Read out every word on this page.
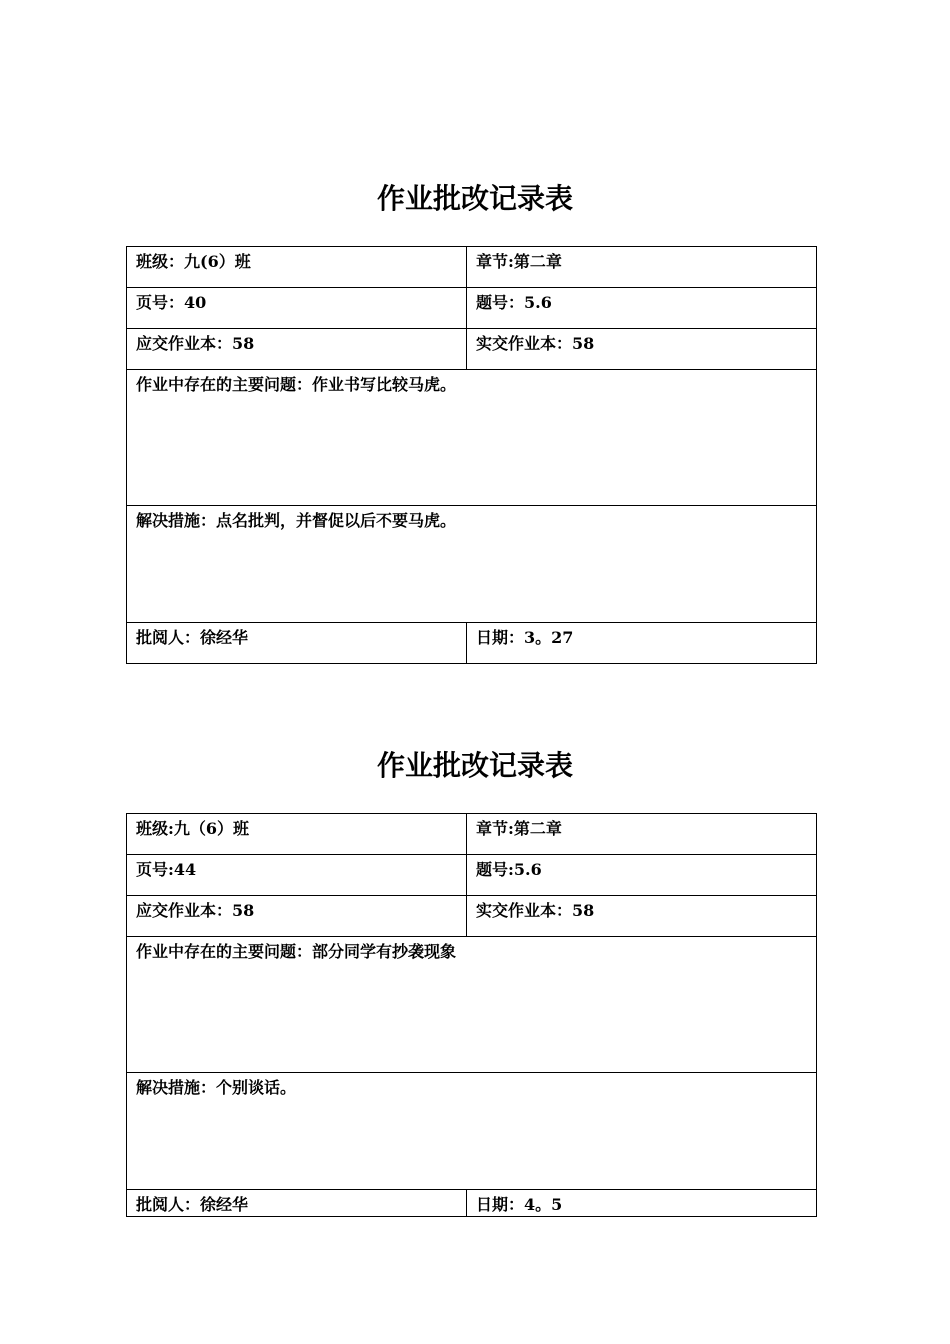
作业批改记录表
班级：九(6）班	章节:第二章
页号：40	题号：5.6
应交作业本：58	实交作业本：58
作业中存在的主要问题：作业书写比较马虎。	
解决措施：点名批判，并督促以后不要马虎。	
批阅人：徐经华	日期：3。27
作业批改记录表
班级:九（6）班	章节:第二章
页号:44	题号:5.6
应交作业本：58	实交作业本：58
作业中存在的主要问题：部分同学有抄袭现象	
解决措施：个别谈话。	
批阅人：徐经华	日期：4。5
